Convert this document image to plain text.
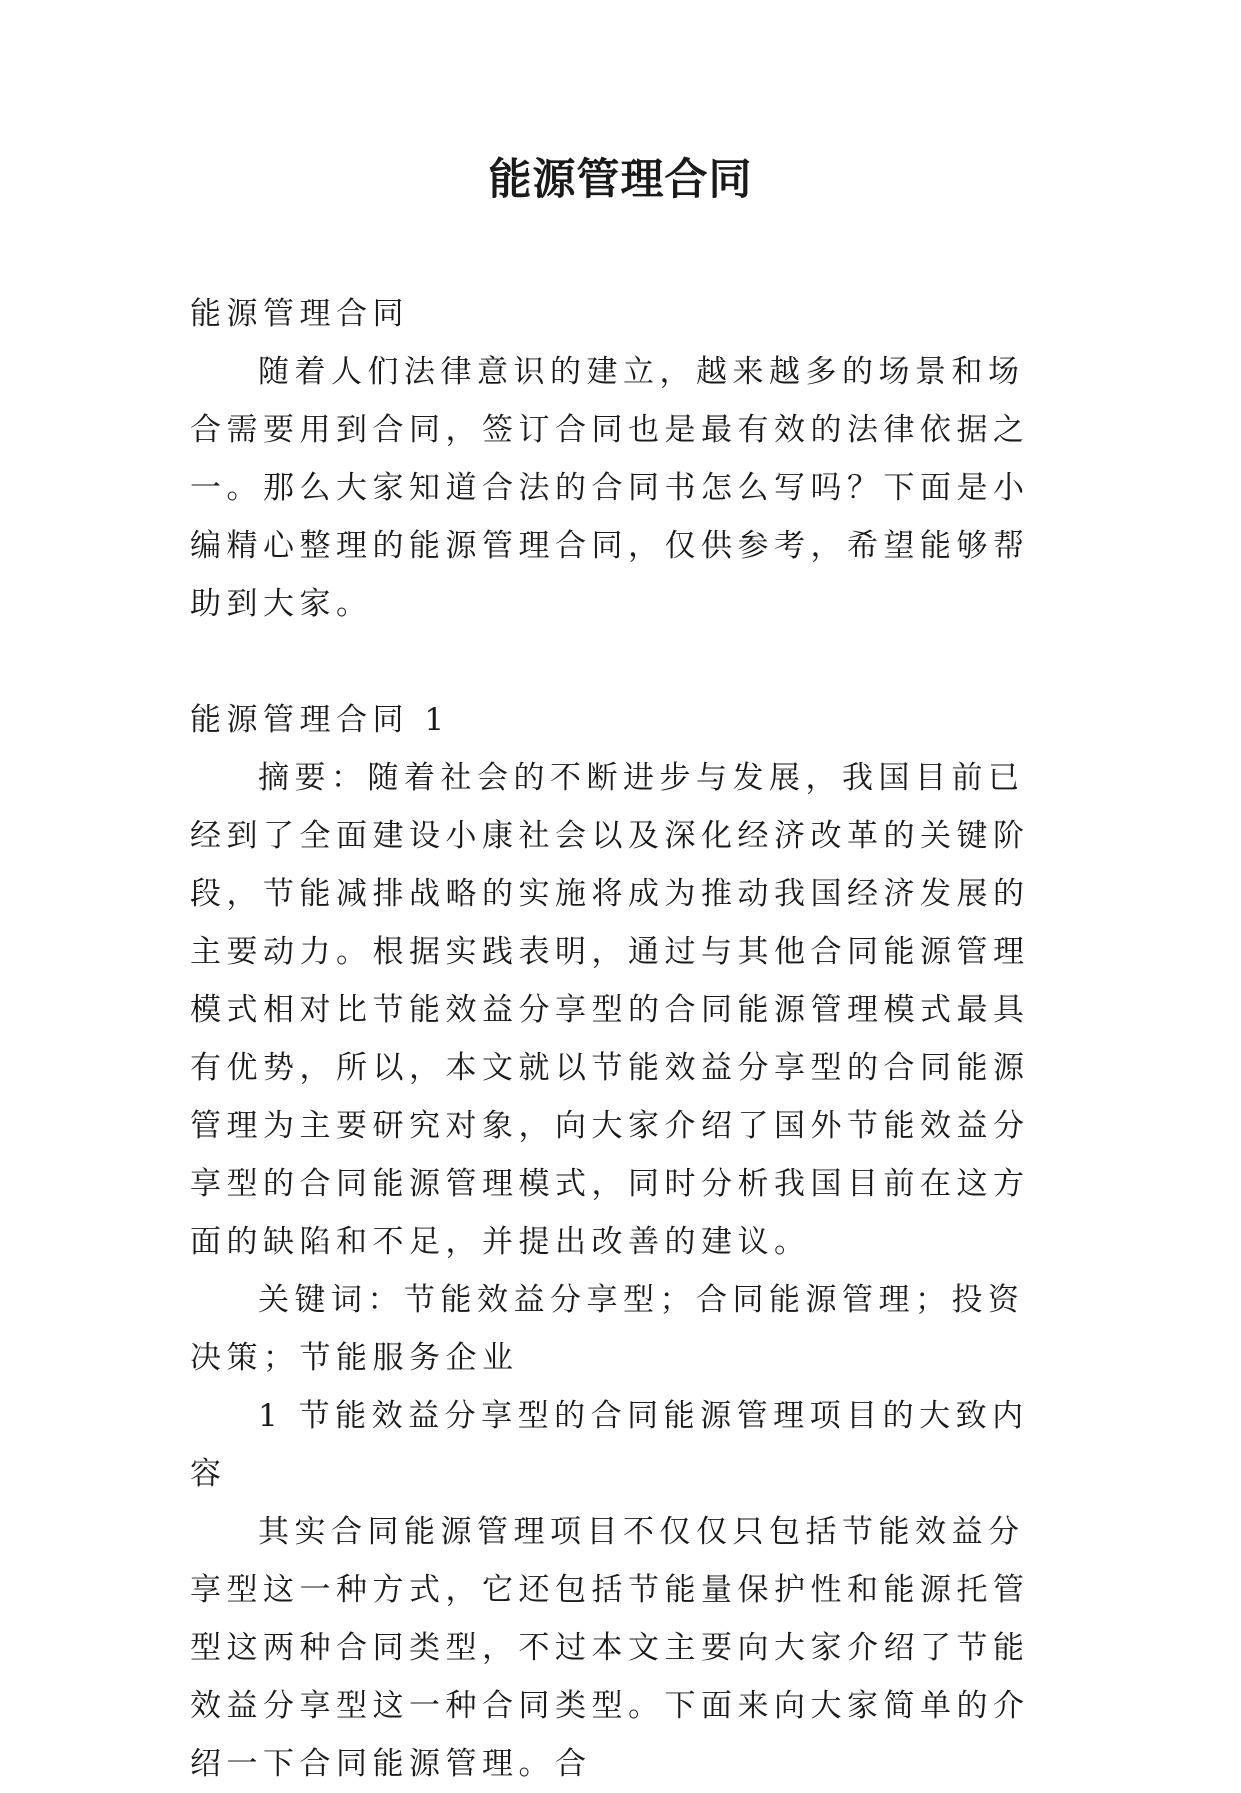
能源管理合同

能源管理合同

随着人们法律意识的建立，越来越多的场景和场合需要用到合同，签订合同也是最有效的法律依据之一。那么大家知道合法的合同书怎么写吗？下面是小编精心整理的能源管理合同，仅供参考，希望能够帮助到大家。

能源管理合同 1

摘要：随着社会的不断进步与发展，我国目前已经到了全面建设小康社会以及深化经济改革的关键阶段，节能减排战略的实施将成为推动我国经济发展的主要动力。根据实践表明，通过与其他合同能源管理模式相对比节能效益分享型的合同能源管理模式最具有优势，所以，本文就以节能效益分享型的合同能源管理为主要研究对象，向大家介绍了国外节能效益分享型的合同能源管理模式，同时分析我国目前在这方面的缺陷和不足，并提出改善的建议。

关键词：节能效益分享型；合同能源管理；投资决策；节能服务企业

1 节能效益分享型的合同能源管理项目的大致内容

其实合同能源管理项目不仅仅只包括节能效益分享型这一种方式，它还包括节能量保护性和能源托管型这两种合同类型，不过本文主要向大家介绍了节能效益分享型这一种合同类型。下面来向大家简单的介绍一下合同能源管理。合
